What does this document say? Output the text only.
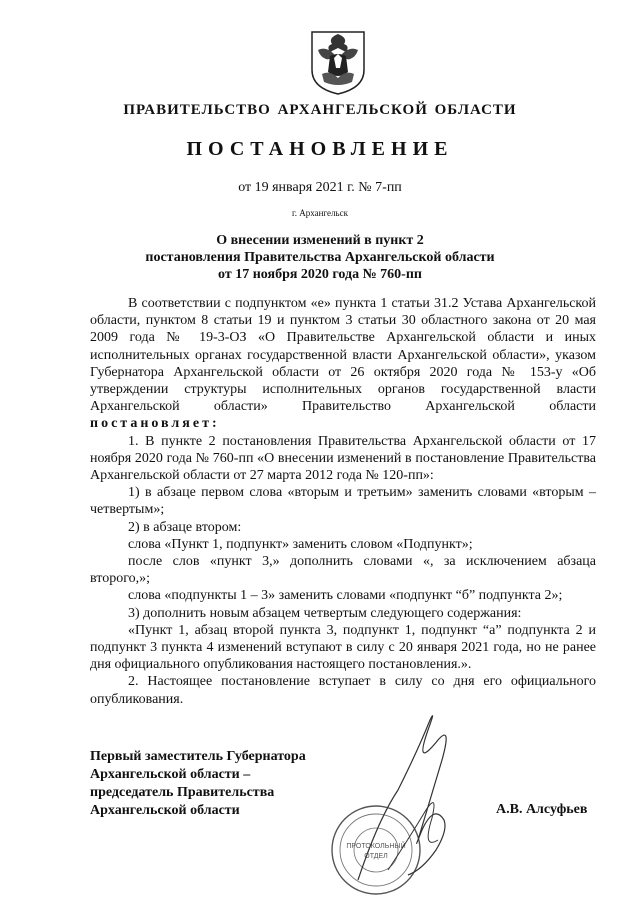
ПРАВИТЕЛЬСТВО АРХАНГЕЛЬСКОЙ ОБЛАСТИ
ПОСТАНОВЛЕНИЕ
от 19 января 2021 г. № 7-пп
г. Архангельск
О внесении изменений в пункт 2
постановления Правительства Архангельской области
от 17 ноября 2020 года № 760-пп

В соответствии с подпунктом «е» пункта 1 статьи 31.2 Устава Архангельской области, пунктом 8 статьи 19 и пунктом 3 статьи 30 областного закона от 20 мая 2009 года № 19-3-ОЗ «О Правительстве Архангельской области и иных исполнительных органах государственной власти Архангельской области», указом Губернатора Архангельской области от 26 октября 2020 года № 153-у «Об утверждении структуры исполнительных органов государственной власти Архангельской области» Правительство Архангельской области постановляет:

1. В пункте 2 постановления Правительства Архангельской области от 17 ноября 2020 года № 760-пп «О внесении изменений в постановление Правительства Архангельской области от 27 марта 2012 года № 120-пп»:

1) в абзаце первом слова «вторым и третьим» заменить словами «вторым – четвертым»;

2) в абзаце втором:

слова «Пункт 1, подпункт» заменить словом «Подпункт»;

после слов «пункт 3,» дополнить словами «, за исключением абзаца второго,»;

слова «подпункты 1 – 3» заменить словами «подпункт “б” подпункта 2»;

3) дополнить новым абзацем четвертым следующего содержания:

«Пункт 1, абзац второй пункта 3, подпункт 1, подпункт “а” подпункта 2 и подпункт 3 пункта 4 изменений вступают в силу с 20 января 2021 года, но не ранее дня официального опубликования настоящего постановления.».

2. Настоящее постановление вступает в силу со дня его официального опубликования.

ПРОТОКОЛЬНЫЙ
ОТДЕЛ
Первый заместитель Губернатора
Архангельской области –
председатель Правительства
Архангельской области	А.В. Алсуфьев
